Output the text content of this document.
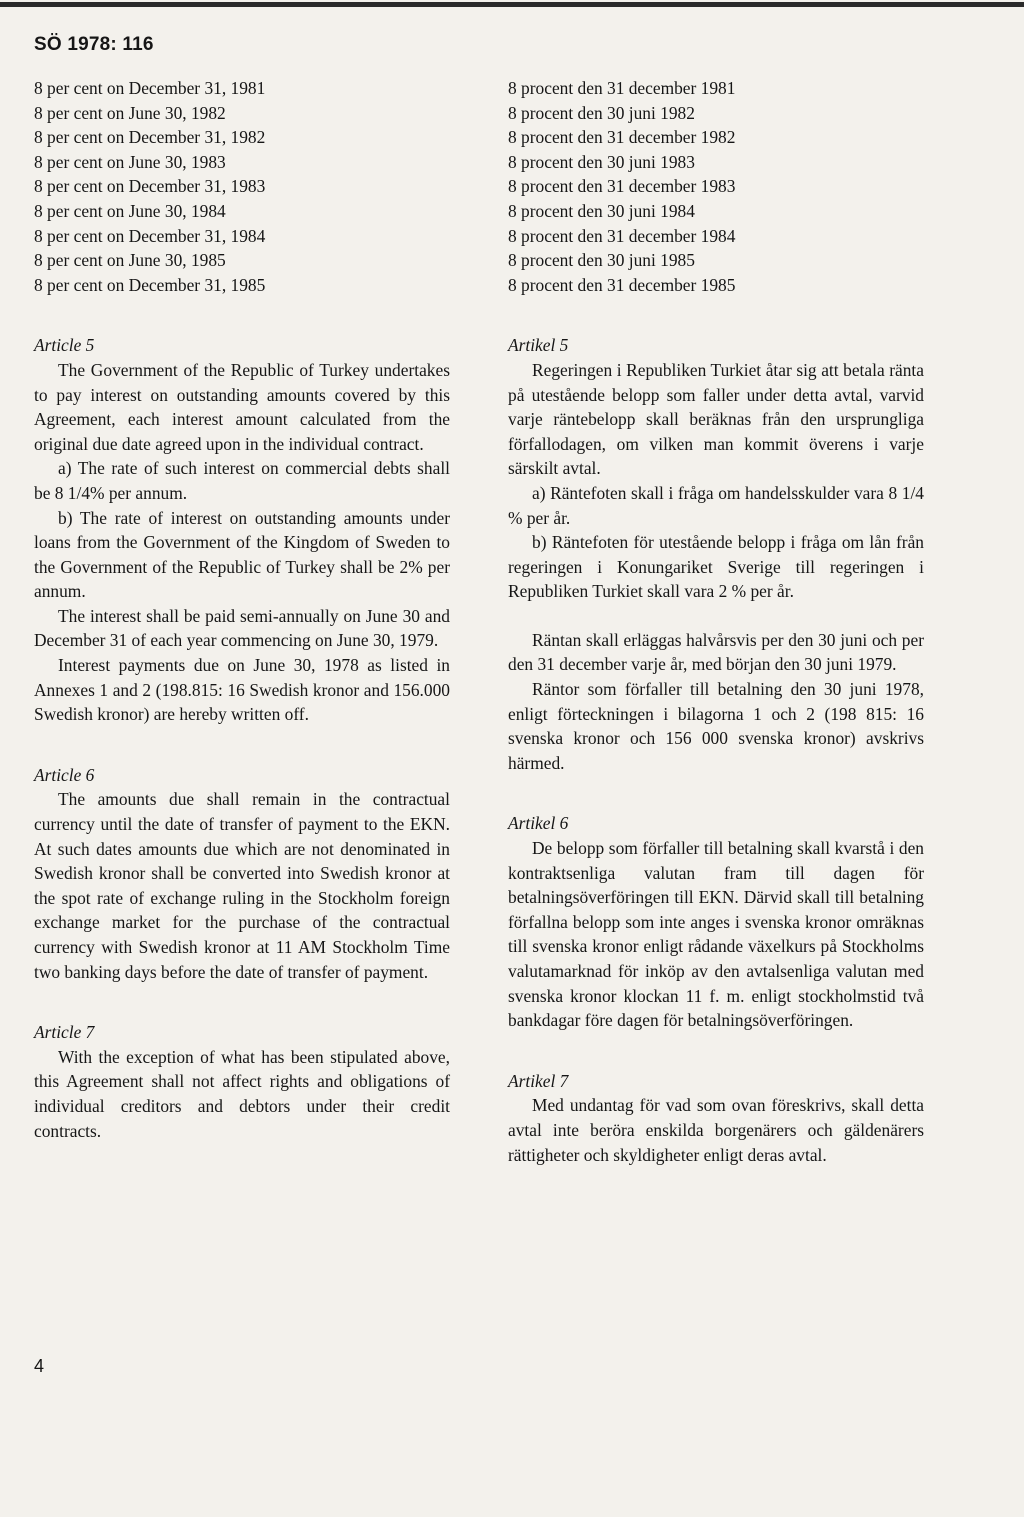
SÖ 1978: 116
8 per cent on December 31, 1981
8 per cent on June 30, 1982
8 per cent on December 31, 1982
8 per cent on June 30, 1983
8 per cent on December 31, 1983
8 per cent on June 30, 1984
8 per cent on December 31, 1984
8 per cent on June 30, 1985
8 per cent on December 31, 1985
Article 5

The Government of the Republic of Turkey undertakes to pay interest on outstanding amounts covered by this Agreement, each interest amount calculated from the original due date agreed upon in the individual contract.

a) The rate of such interest on commercial debts shall be 8 1/4% per annum.

b) The rate of interest on outstanding amounts under loans from the Government of the Kingdom of Sweden to the Government of the Republic of Turkey shall be 2% per annum.

The interest shall be paid semi-annually on June 30 and December 31 of each year commencing on June 30, 1979.

Interest payments due on June 30, 1978 as listed in Annexes 1 and 2 (198.815: 16 Swedish kronor and 156.000 Swedish kronor) are hereby written off.

Article 6

The amounts due shall remain in the contractual currency until the date of transfer of payment to the EKN. At such dates amounts due which are not denominated in Swedish kronor shall be converted into Swedish kronor at the spot rate of exchange ruling in the Stockholm foreign exchange market for the purchase of the contractual currency with Swedish kronor at 11 AM Stockholm Time two banking days before the date of transfer of payment.

Article 7

With the exception of what has been stipulated above, this Agreement shall not affect rights and obligations of individual creditors and debtors under their credit contracts.

8 procent den 31 december 1981
8 procent den 30 juni 1982
8 procent den 31 december 1982
8 procent den 30 juni 1983
8 procent den 31 december 1983
8 procent den 30 juni 1984
8 procent den 31 december 1984
8 procent den 30 juni 1985
8 procent den 31 december 1985
Artikel 5

Regeringen i Republiken Turkiet åtar sig att betala ränta på utestående belopp som faller under detta avtal, varvid varje räntebelopp skall beräknas från den ursprungliga förfallodagen, om vilken man kommit överens i varje särskilt avtal.

a) Räntefoten skall i fråga om handelsskulder vara 8 1/4 % per år.

b) Räntefoten för utestående belopp i fråga om lån från regeringen i Konungariket Sverige till regeringen i Republiken Turkiet skall vara 2 % per år.

Räntan skall erläggas halvårsvis per den 30 juni och per den 31 december varje år, med början den 30 juni 1979.

Räntor som förfaller till betalning den 30 juni 1978, enligt förteckningen i bilagorna 1 och 2 (198 815: 16 svenska kronor och 156 000 svenska kronor) avskrivs härmed.

Artikel 6

De belopp som förfaller till betalning skall kvarstå i den kontraktsenliga valutan fram till dagen för betalningsöverföringen till EKN. Därvid skall till betalning förfallna belopp som inte anges i svenska kronor omräknas till svenska kronor enligt rådande växelkurs på Stockholms valutamarknad för inköp av den avtalsenliga valutan med svenska kronor klockan 11 f. m. enligt stockholmstid två bankdagar före dagen för betalningsöverföringen.

Artikel 7

Med undantag för vad som ovan föreskrivs, skall detta avtal inte beröra enskilda borgenärers och gäldenärers rättigheter och skyldigheter enligt deras avtal.

4
